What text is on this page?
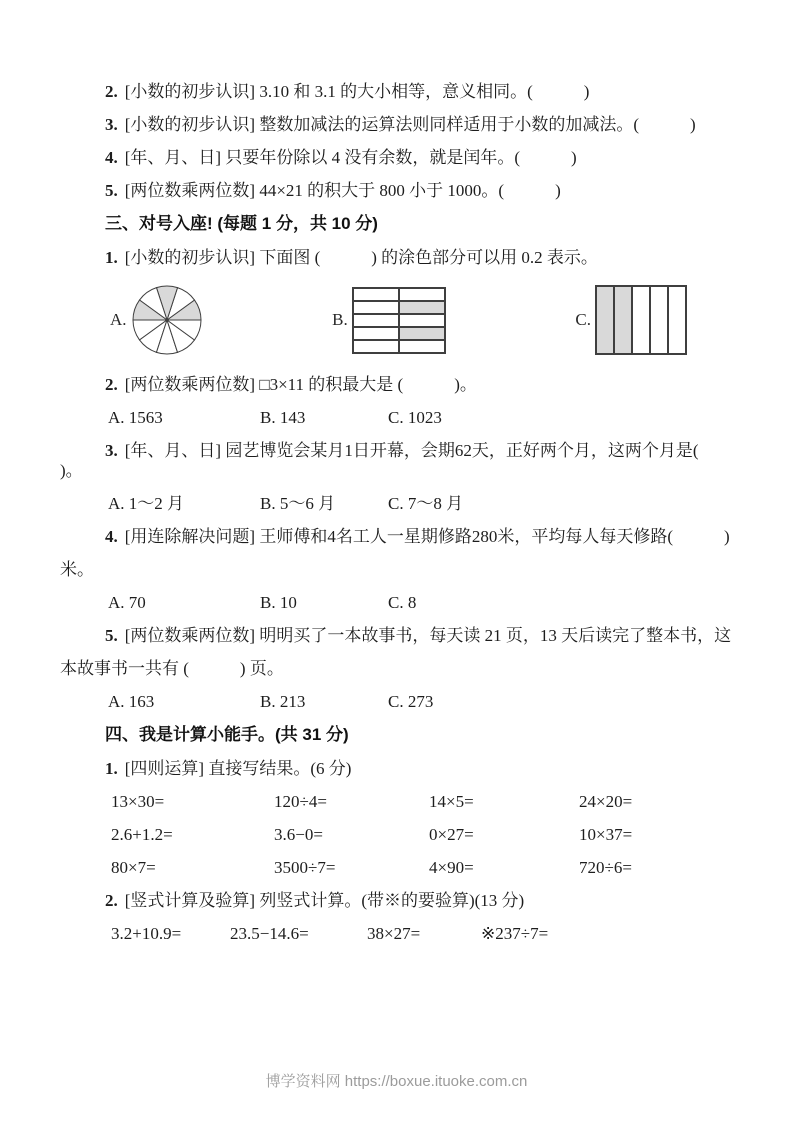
2. [小数的初步认识] 3.10 和 3.1 的大小相等，意义相同。(            )

3. [小数的初步认识] 整数加减法的运算法则同样适用于小数的加减法。(            )

4. [年、月、日] 只要年份除以 4 没有余数，就是闰年。(            )

5. [两位数乘两位数] 44×21 的积大于 800 小于 1000。(            )

三、对号入座! (每题 1 分，共 10 分)

1. [小数的初步认识] 下面图 (            ) 的涂色部分可以用 0.2 表示。

A.	B.	C.

2. [两位数乘两位数] □3×11 的积最大是 (            )。

A. 1563	B. 143	C. 1023

3. [年、月、日] 园艺博览会某月1日开幕，会期62天，正好两个月，这两个月是(          )。

A. 1～2 月	B. 5～6 月	C. 7～8 月

4. [用连除解决问题] 王师傅和4名工人一星期修路280米，平均每人每天修路(            )

米。

A. 70	B. 10	C. 8

5. [两位数乘两位数] 明明买了一本故事书，每天读 21 页，13 天后读完了整本书，这

本故事书一共有 (            ) 页。

A. 163	B. 213	C. 273

四、我是计算小能手。(共 31 分)

1. [四则运算] 直接写结果。(6 分)

13×30=	120÷4=	14×5=	24×20=
2.6+1.2=	3.6−0=	0×27=	10×37=
80×7=	3500÷7=	4×90=	720÷6=

2. [竖式计算及验算] 列竖式计算。(带※的要验算)(13 分)

3.2+10.9=	23.5−14.6=	38×27=	※237÷7=
博学资料网 https://boxue.ituoke.com.cn
